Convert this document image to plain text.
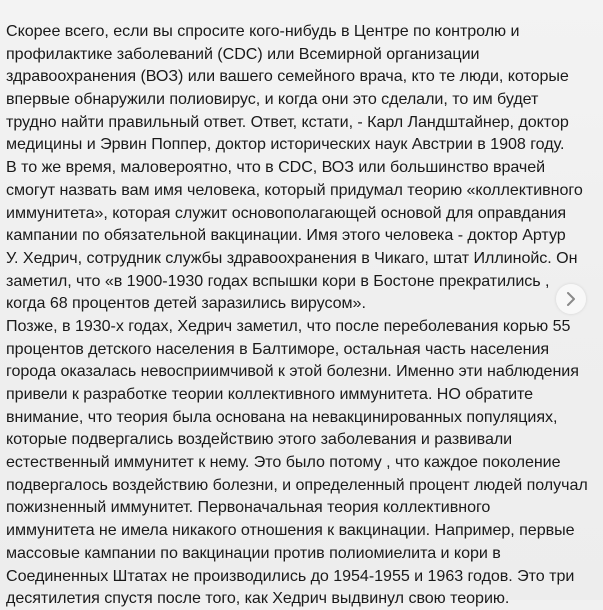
Скорее всего, если вы спросите кого-нибудь в Центре по контролю и
профилактике заболеваний (CDC) или Всемирной организации
здравоохранения (ВОЗ) или вашего семейного врача, кто те люди, которые
впервые обнаружили полиовирус, и когда они это сделали, то им будет
трудно найти правильный ответ. Ответ, кстати, - Карл Ландштайнер, доктор
медицины и Эрвин Поппер, доктор исторических наук Австрии в 1908 году.
В то же время, маловероятно, что в CDC, ВОЗ или большинство врачей
смогут назвать вам имя человека, который придумал теорию «коллективного
иммунитета», которая служит основополагающей основой для оправдания
кампании по обязательной вакцинации. Имя этого человека - доктор Артур
У. Хедрич, сотрудник службы здравоохранения в Чикаго, штат Иллинойс. Он
заметил, что «в 1900-1930 годах вспышки кори в Бостоне прекратились ,
когда 68 процентов детей заразились вирусом».
Позже, в 1930-х годах, Хедрич заметил, что после переболевания корью 55
процентов детского населения в Балтиморе, остальная часть населения
города оказалась невосприимчивой к этой болезни. Именно эти наблюдения
привели к разработке теории коллективного иммунитета. НО обратите
внимание, что теория была основана на невакцинированных популяциях,
которые подвергались воздействию этого заболевания и развивали
естественный иммунитет к нему. Это было потому , что каждое поколение
подвергалось воздействию болезни, и определенный процент людей получал
пожизненный иммунитет. Первоначальная теория коллективного
иммунитета не имела никакого отношения к вакцинации. Например, первые
массовые кампании по вакцинации против полиомиелита и кори в
Соединенных Штатах не производились до 1954-1955 и 1963 годов. Это три
десятилетия спустя после того, как Хедрич выдвинул свою теорию.
